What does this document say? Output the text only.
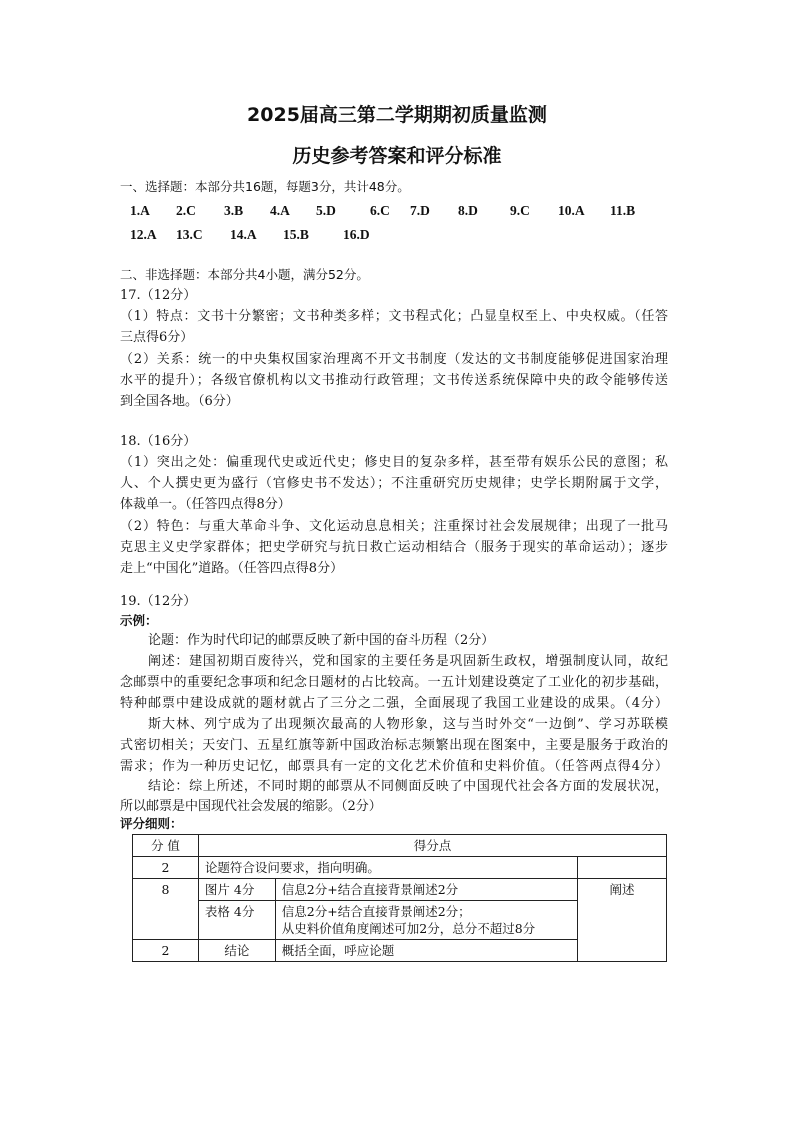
2025届高三第二学期期初质量监测
历史参考答案和评分标准
一、选择题：本部分共16题，每题3分，共计48分。
1.A 2.C 3.B 4.A 5.D	6.C 7.D 8.D 9.C 10.A 11.B
12.A 13.C 14.A 15.B	16.D
二、非选择题：本部分共4小题，满分52分。
17.（12分）
（1）特点：文书十分繁密；文书种类多样；文书程式化；凸显皇权至上、中央权威。（任答
三点得6分）
（2）关系：统一的中央集权国家治理离不开文书制度（发达的文书制度能够促进国家治理
水平的提升）；各级官僚机构以文书推动行政管理；文书传送系统保障中央的政令能够传送
到全国各地。（6分）
18.（16分）
（1）突出之处：偏重现代史或近代史；修史目的复杂多样，甚至带有娱乐公民的意图；私
人、个人撰史更为盛行（官修史书不发达）；不注重研究历史规律；史学长期附属于文学，
体裁单一。（任答四点得8分）
（2）特色：与重大革命斗争、文化运动息息相关；注重探讨社会发展规律；出现了一批马
克思主义史学家群体；把史学研究与抗日救亡运动相结合（服务于现实的革命运动）；逐步
走上“中国化”道路。（任答四点得8分）
19.（12分）
示例：
论题：作为时代印记的邮票反映了新中国的奋斗历程（2分）
阐述：建国初期百废待兴，党和国家的主要任务是巩固新生政权，增强制度认同，故纪
念邮票中的重要纪念事项和纪念日题材的占比较高。一五计划建设奠定了工业化的初步基础，
特种邮票中建设成就的题材就占了三分之二强，全面展现了我国工业建设的成果。（4分）
斯大林、列宁成为了出现频次最高的人物形象，这与当时外交“一边倒”、学习苏联模
式密切相关；天安门、五星红旗等新中国政治标志频繁出现在图案中，主要是服务于政治的
需求；作为一种历史记忆，邮票具有一定的文化艺术价值和史料价值。（任答两点得4分）
结论：综上所述，不同时期的邮票从不同侧面反映了中国现代社会各方面的发展状况，
所以邮票是中国现代社会发展的缩影。（2分）
评分细则：
分 值	得分点		
2	论题符合设问要求，指向明确。		
8	图片 4分	信息2分+结合直接背景阐述2分	阐述
	表格 4分	信息2分+结合直接背景阐述2分；
从史料价值角度阐述可加2分，总分不超过8分	

2	结论	概括全面，呼应论题	
